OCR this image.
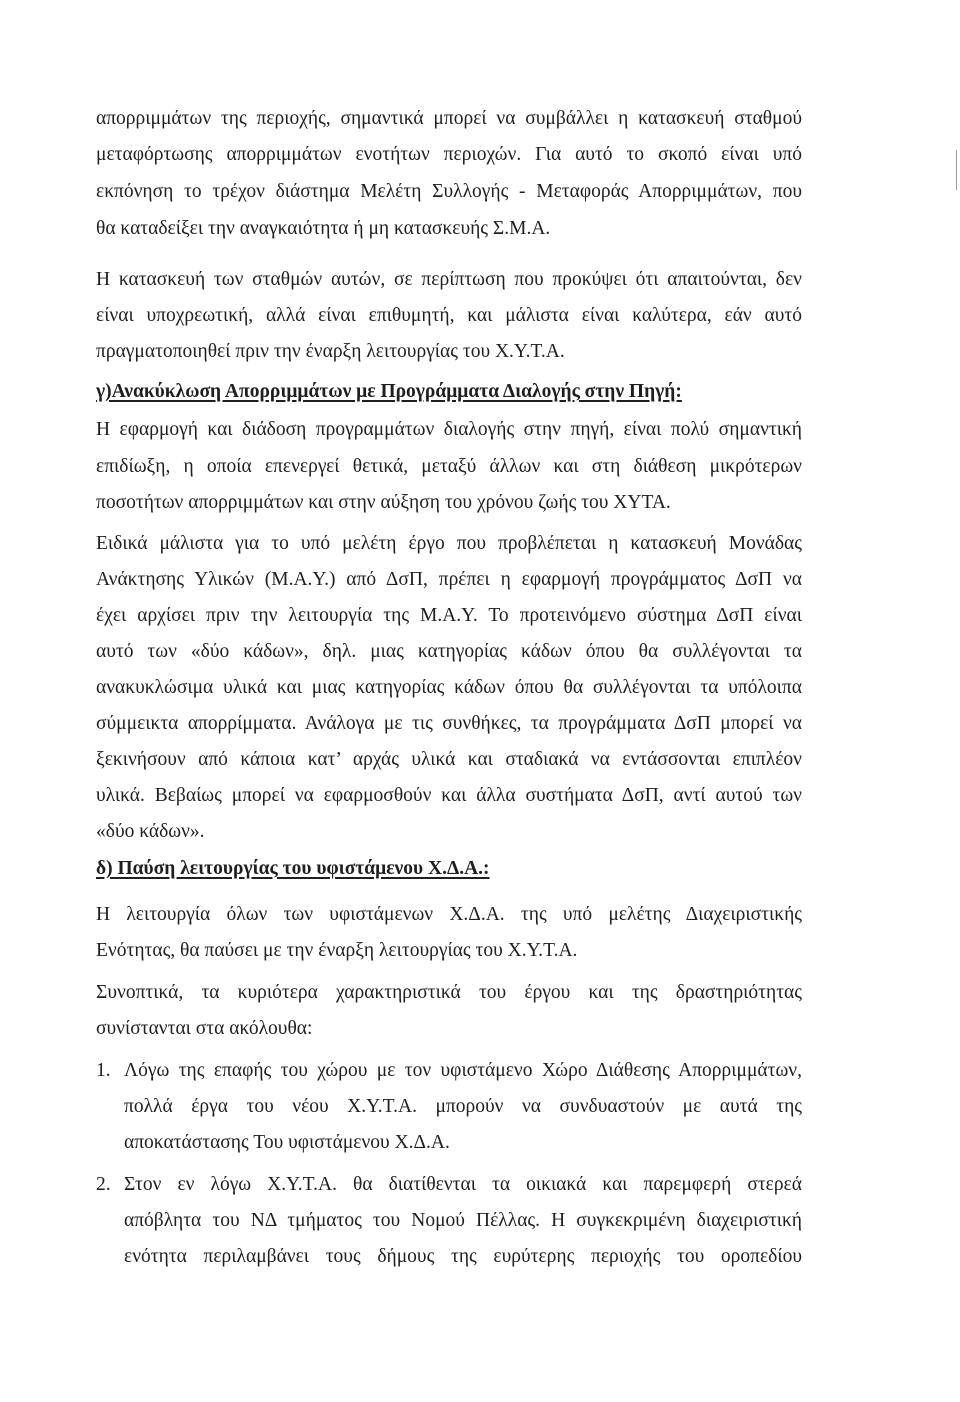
απορριμμάτων της περιοχής, σημαντικά μπορεί να συμβάλλει η κατασκευή σταθμού
μεταφόρτωσης απορριμμάτων ενοτήτων περιοχών. Για αυτό το σκοπό είναι υπό
εκπόνηση το τρέχον διάστημα Μελέτη Συλλογής - Μεταφοράς Απορριμμάτων, που
θα καταδείξει την αναγκαιότητα ή μη κατασκευής Σ.Μ.Α.
Η κατασκευή των σταθμών αυτών, σε περίπτωση που προκύψει ότι απαιτούνται, δεν
είναι υποχρεωτική, αλλά είναι επιθυμητή, και μάλιστα είναι καλύτερα, εάν αυτό
πραγματοποιηθεί πριν την έναρξη λειτουργίας του Χ.Υ.Τ.Α.
γ)Ανακύκλωση Απορριμμάτων με Προγράμματα Διαλογής στην Πηγή:
Η εφαρμογή και διάδοση προγραμμάτων διαλογής στην πηγή, είναι πολύ σημαντική
επιδίωξη, η οποία επενεργεί θετικά, μεταξύ άλλων και στη διάθεση μικρότερων
ποσοτήτων απορριμμάτων και στην αύξηση του χρόνου ζωής του ΧΥΤΑ.
Ειδικά μάλιστα για το υπό μελέτη έργο που προβλέπεται η κατασκευή Μονάδας
Ανάκτησης Υλικών (Μ.Α.Υ.) από ΔσΠ, πρέπει η εφαρμογή προγράμματος ΔσΠ να
έχει αρχίσει πριν την λειτουργία της Μ.Α.Υ. Το προτεινόμενο σύστημα ΔσΠ είναι
αυτό των «δύο κάδων», δηλ. μιας κατηγορίας κάδων όπου θα συλλέγονται τα
ανακυκλώσιμα υλικά και μιας κατηγορίας κάδων όπου θα συλλέγονται τα υπόλοιπα
σύμμεικτα απορρίμματα. Ανάλογα με τις συνθήκες, τα προγράμματα ΔσΠ μπορεί να
ξεκινήσουν από κάποια κατ’ αρχάς υλικά και σταδιακά να εντάσσονται επιπλέον
υλικά. Βεβαίως μπορεί να εφαρμοσθούν και άλλα συστήματα ΔσΠ, αντί αυτού των
«δύο κάδων».
δ) Παύση λειτουργίας του υφιστάμενου Χ.Δ.Α.:
Η λειτουργία όλων των υφιστάμενων Χ.Δ.Α. της υπό μελέτης Διαχειριστικής
Ενότητας, θα παύσει με την έναρξη λειτουργίας του Χ.Υ.Τ.Α.
Συνοπτικά, τα κυριότερα χαρακτηριστικά του έργου και της δραστηριότητας
συνίστανται στα ακόλουθα:
1. Λόγω της επαφής του χώρου με τον υφιστάμενο Χώρο Διάθεσης Απορριμμάτων,
πολλά έργα του νέου Χ.Υ.Τ.Α. μπορούν να συνδυαστούν με αυτά της
αποκατάστασης Του υφιστάμενου Χ.Δ.Α.
2. Στον εν λόγω Χ.Υ.Τ.Α. θα διατίθενται τα οικιακά και παρεμφερή στερεά
απόβλητα του ΝΔ τμήματος του Νομού Πέλλας. Η συγκεκριμένη διαχειριστική
ενότητα περιλαμβάνει τους δήμους της ευρύτερης περιοχής του οροπεδίου
